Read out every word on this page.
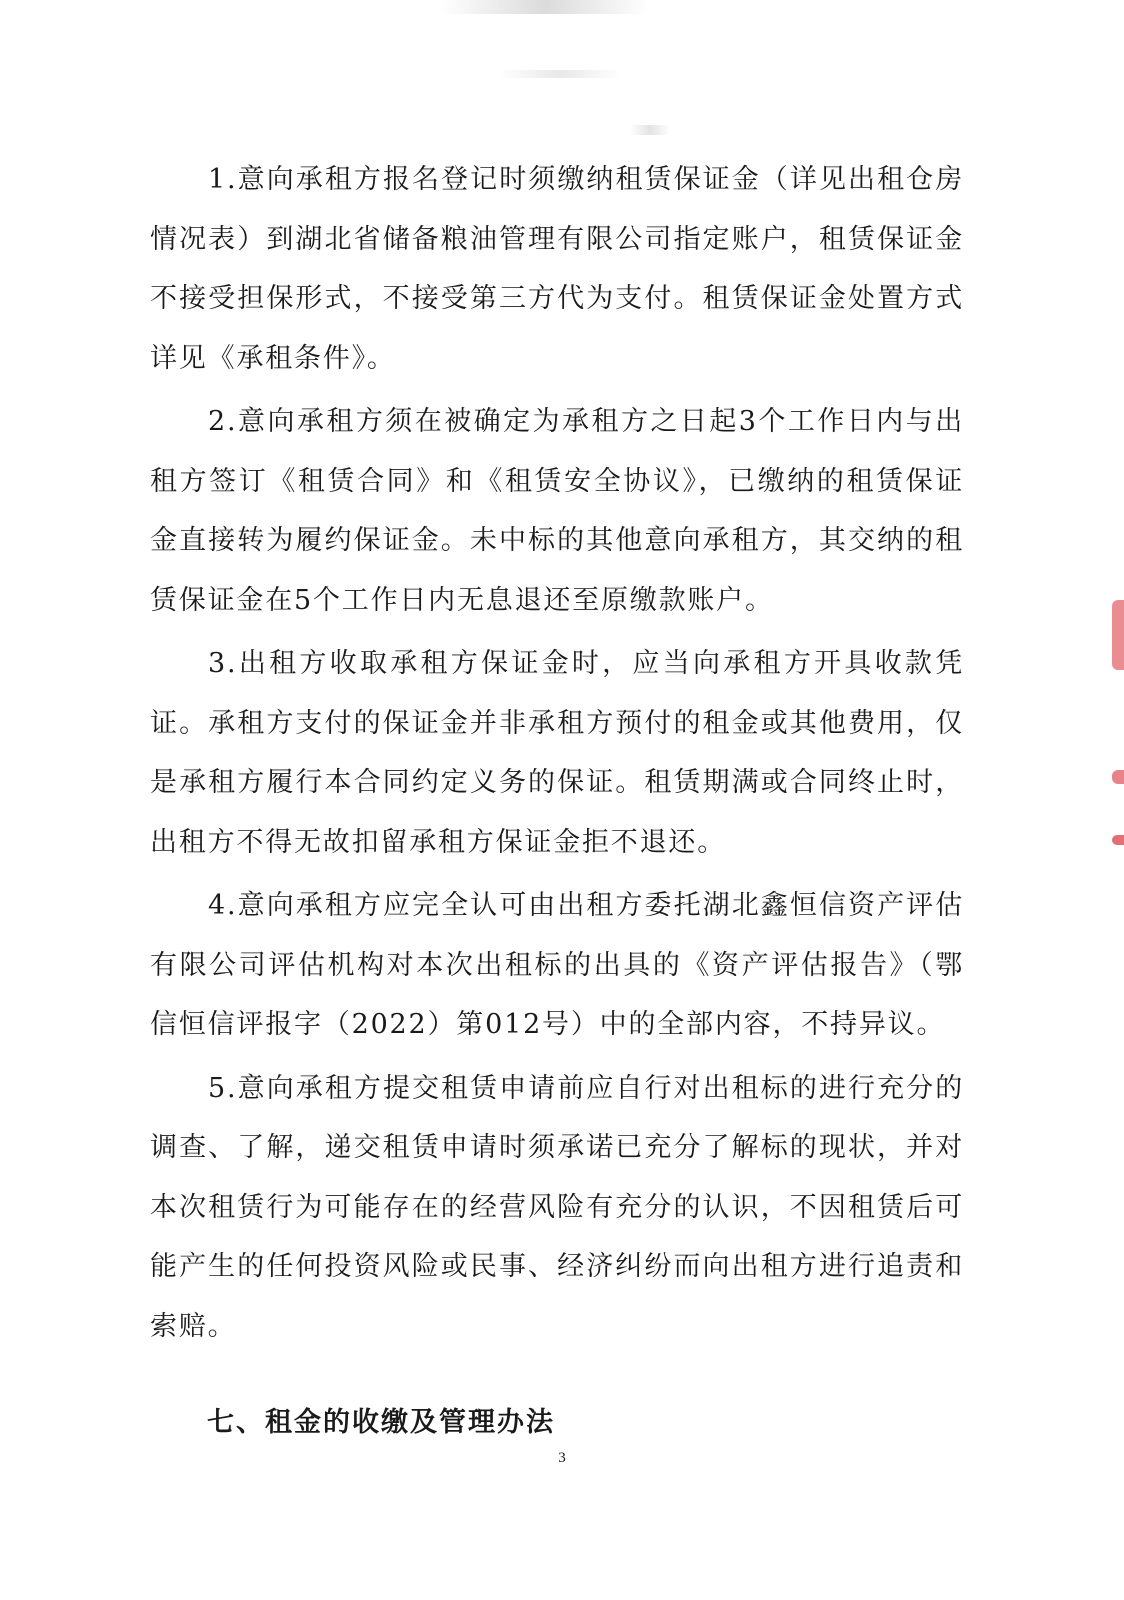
1.意向承租方报名登记时须缴纳租赁保证金（详见出租仓房情况表）到湖北省储备粮油管理有限公司指定账户，租赁保证金不接受担保形式，不接受第三方代为支付。租赁保证金处置方式详见《承租条件》。

2.意向承租方须在被确定为承租方之日起3个工作日内与出租方签订《租赁合同》和《租赁安全协议》，已缴纳的租赁保证金直接转为履约保证金。未中标的其他意向承租方，其交纳的租赁保证金在5个工作日内无息退还至原缴款账户。

3.出租方收取承租方保证金时，应当向承租方开具收款凭证。承租方支付的保证金并非承租方预付的租金或其他费用，仅是承租方履行本合同约定义务的保证。租赁期满或合同终止时，出租方不得无故扣留承租方保证金拒不退还。

4.意向承租方应完全认可由出租方委托湖北鑫恒信资产评估有限公司评估机构对本次出租标的出具的《资产评估报告》（鄂信恒信评报字（2022）第012号）中的全部内容，不持异议。

5.意向承租方提交租赁申请前应自行对出租标的进行充分的调查、了解，递交租赁申请时须承诺已充分了解标的现状，并对本次租赁行为可能存在的经营风险有充分的认识，不因租赁后可能产生的任何投资风险或民事、经济纠纷而向出租方进行追责和索赔。

七、租金的收缴及管理办法
3
